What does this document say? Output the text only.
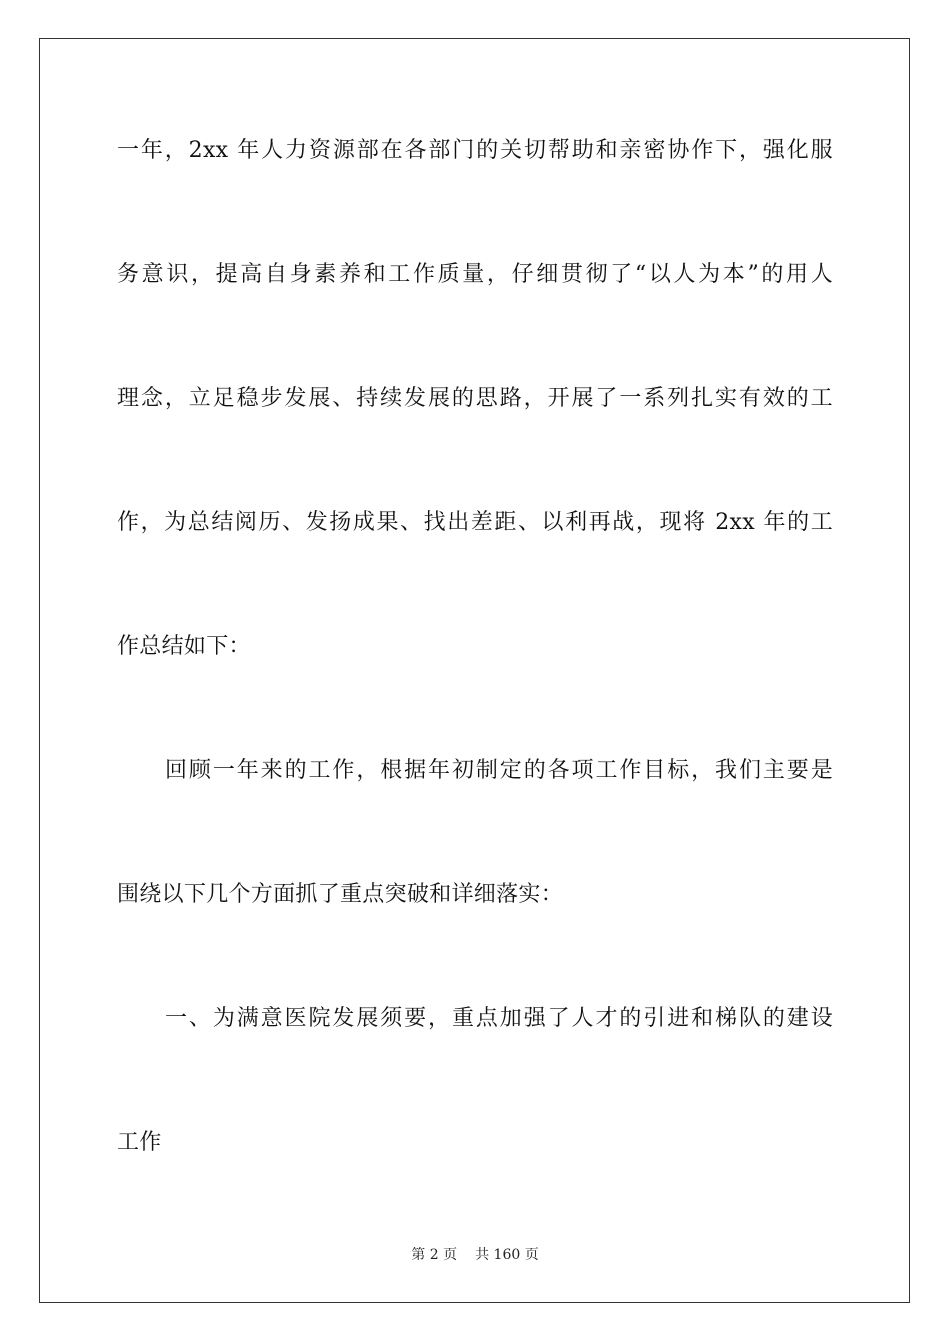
一年，2xx 年人力资源部在各部门的关切帮助和亲密协作下，强化服
务意识，提高自身素养和工作质量，仔细贯彻了“以人为本”的用人
理念，立足稳步发展、持续发展的思路，开展了一系列扎实有效的工
作，为总结阅历、发扬成果、找出差距、以利再战，现将 2xx 年的工
作总结如下：
回顾一年来的工作，根据年初制定的各项工作目标，我们主要是
围绕以下几个方面抓了重点突破和详细落实：
一、为满意医院发展须要，重点加强了人才的引进和梯队的建设
工作
第 2 页 共 160 页
